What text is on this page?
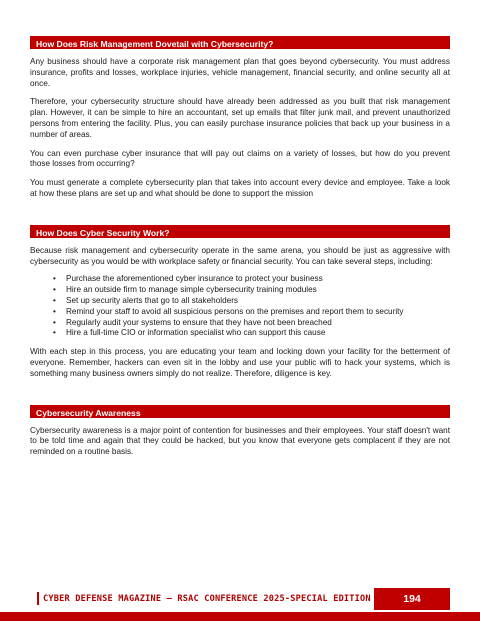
How Does Risk Management Dovetail with Cybersecurity?

Any business should have a corporate risk management plan that goes beyond cybersecurity. You must address insurance, profits and losses, workplace injuries, vehicle management, financial security, and online security all at once.

Therefore, your cybersecurity structure should have already been addressed as you built that risk management plan. However, it can be simple to hire an accountant, set up emails that filter junk mail, and prevent unauthorized persons from entering the facility. Plus, you can easily purchase insurance policies that back up your business in a number of areas.

You can even purchase cyber insurance that will pay out claims on a variety of losses, but how do you prevent those losses from occurring?

You must generate a complete cybersecurity plan that takes into account every device and employee. Take a look at how these plans are set up and what should be done to support the mission

How Does Cyber Security Work?

Because risk management and cybersecurity operate in the same arena, you should be just as aggressive with cybersecurity as you would be with workplace safety or financial security. You can take several steps, including:

• Purchase the aforementioned cyber insurance to protect your business
• Hire an outside firm to manage simple cybersecurity training modules
• Set up security alerts that go to all stakeholders
• Remind your staff to avoid all suspicious persons on the premises and report them to security
• Regularly audit your systems to ensure that they have not been breached
• Hire a full-time CIO or information specialist who can support this cause

With each step in this process, you are educating your team and locking down your facility for the betterment of everyone. Remember, hackers can even sit in the lobby and use your public wifi to hack your systems, which is something many business owners simply do not realize. Therefore, diligence is key.

Cybersecurity Awareness

Cybersecurity awareness is a major point of contention for businesses and their employees. Your staff doesn't want to be told time and again that they could be hacked, but you know that everyone gets complacent if they are not reminded on a routine basis.

CYBER DEFENSE MAGAZINE – RSAC CONFERENCE 2025-SPECIAL EDITION	194
